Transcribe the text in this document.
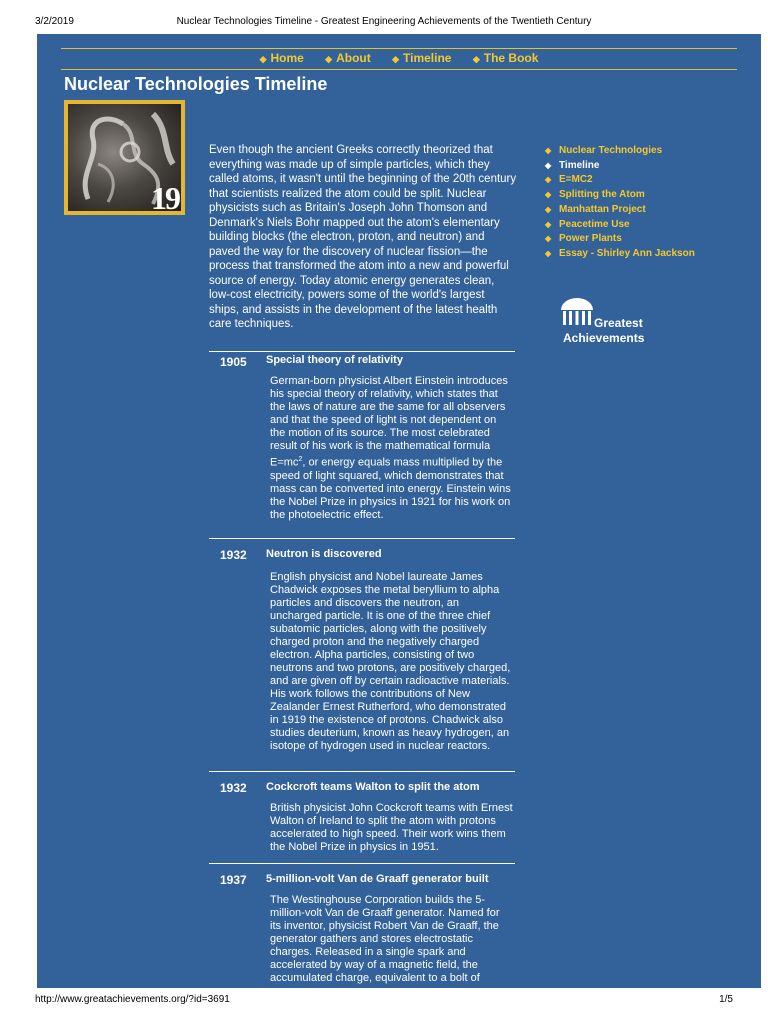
3/2/2019	Nuclear Technologies Timeline - Greatest Engineering Achievements of the Twentieth Century
◆ Home ◆ About ◆ Timeline ◆ The Book
Nuclear Technologies Timeline
19
Even though the ancient Greeks correctly theorized that everything was made up of simple particles, which they called atoms, it wasn't until the beginning of the 20th century that scientists realized the atom could be split. Nuclear physicists such as Britain's Joseph John Thomson and Denmark's Niels Bohr mapped out the atom's elementary building blocks (the electron, proton, and neutron) and paved the way for the discovery of nuclear fission—the process that transformed the atom into a new and powerful source of energy. Today atomic energy generates clean, low-cost electricity, powers some of the world's largest ships, and assists in the development of the latest health care techniques.
◆ Nuclear Technologies
◆ Timeline
◆ E=MC2
◆ Splitting the Atom
◆ Manhattan Project
◆ Peacetime Use
◆ Power Plants
◆ Essay - Shirley Ann Jackson
Greatest
Achievements
1905 Special theory of relativity
German-born physicist Albert Einstein introduces his special theory of relativity, which states that the laws of nature are the same for all observers and that the speed of light is not dependent on the motion of its source. The most celebrated result of his work is the mathematical formula $E=mc^2$, or energy equals mass multiplied by the speed of light squared, which demonstrates that mass can be converted into energy. Einstein wins the Nobel Prize in physics in 1921 for his work on the photoelectric effect.
1932 Neutron is discovered
English physicist and Nobel laureate James Chadwick exposes the metal beryllium to alpha particles and discovers the neutron, an uncharged particle. It is one of the three chief subatomic particles, along with the positively charged proton and the negatively charged electron. Alpha particles, consisting of two neutrons and two protons, are positively charged, and are given off by certain radioactive materials. His work follows the contributions of New Zealander Ernest Rutherford, who demonstrated in 1919 the existence of protons. Chadwick also studies deuterium, known as heavy hydrogen, an isotope of hydrogen used in nuclear reactors.
1932 Cockcroft teams Walton to split the atom
British physicist John Cockcroft teams with Ernest Walton of Ireland to split the atom with protons accelerated to high speed. Their work wins them the Nobel Prize in physics in 1951.
1937 5-million-volt Van de Graaff generator built
The Westinghouse Corporation builds the 5-million-volt Van de Graaff generator. Named for its inventor, physicist Robert Van de Graaff, the generator gathers and stores electrostatic charges. Released in a single spark and accelerated by way of a magnetic field, the accumulated charge, equivalent to a bolt of
http://www.greatachievements.org/?id=3691	1/5
